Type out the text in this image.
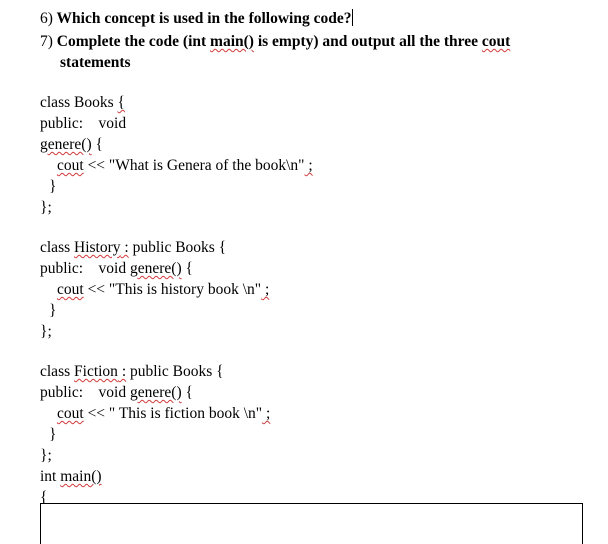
6) Which concept is used in the following code?
7) Complete the code (int main() is empty) and output all the three cout
statements
class Books {
public:    void
genere() {
cout << "What is Genera of the book\n" ;
}
};
class History : public Books {
public:    void genere() {
cout << "This is history book \n" ;
}
};
class Fiction : public Books {
public:    void genere() {
cout << " This is fiction book \n" ;
}
};
int main()
{
